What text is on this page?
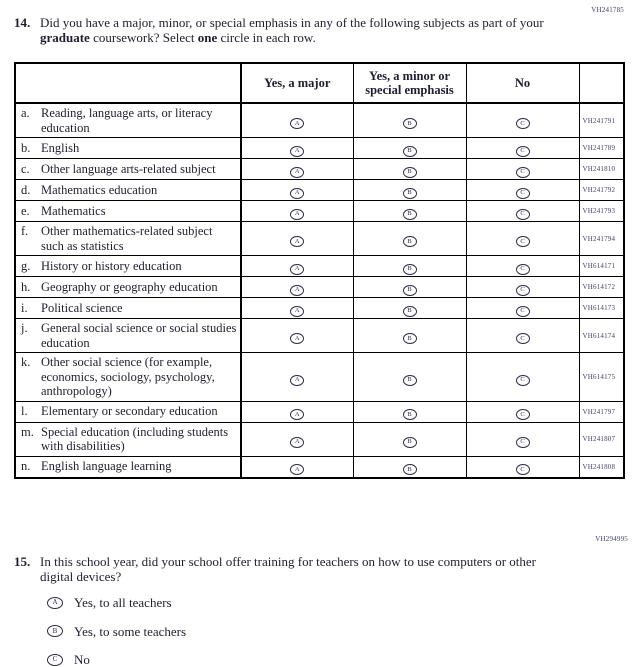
VH241785
14. Did you have a major, minor, or special emphasis in any of the following subjects as part of your graduate coursework? Select one circle in each row.
	Yes, a major	Yes, a minor or special emphasis	No	

a. Reading, language arts, or literacy education	A	B	C	VH241791

b. English	A	B	C	VH241789

c. Other language arts-related subject	A	B	C	VH241810

d. Mathematics education	A	B	C	VH241792

e. Mathematics	A	B	C	VH241793

f. Other mathematics-related subject such as statistics	A	B	C	VH241794

g. History or history education	A	B	C	VH614171

h. Geography or geography education	A	B	C	VH614172

i. Political science	A	B	C	VH614173

j. General social science or social studies education	A	B	C	VH614174

k. Other social science (for example, economics, sociology, psychology, anthropology)	A	B	C	VH614175

l. Elementary or secondary education	A	B	C	VH241797

m. Special education (including students with disabilities)	A	B	C	VH241807

n. English language learning	A	B	C	VH241808
VH294995
15. In this school year, did your school offer training for teachers on how to use computers or other digital devices?
A Yes, to all teachers
B Yes, to some teachers
C No
